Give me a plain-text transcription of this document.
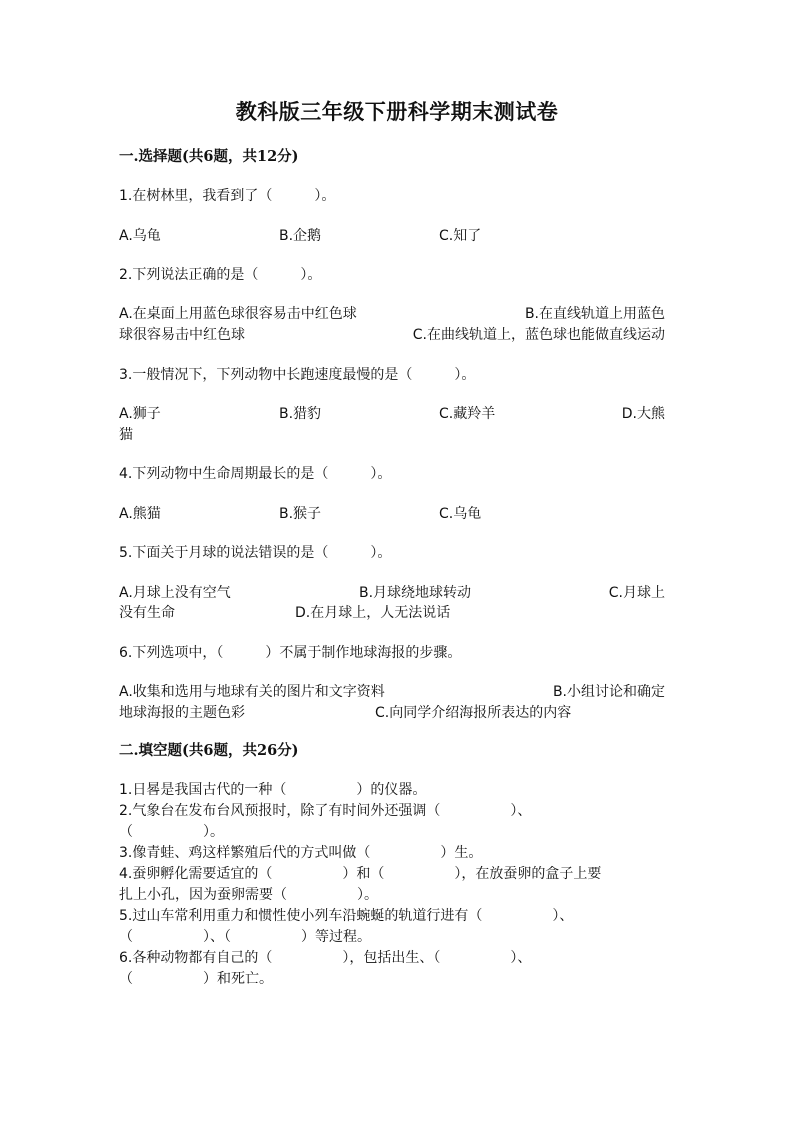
教科版三年级下册科学期末测试卷
一.选择题(共6题，共12分)
1.在树林里，我看到了（　　　）。
A.乌龟	B.企鹅	C.知了
2.下列说法正确的是（　　　）。
A.在桌面上用蓝色球很容易击中红色球	B.在直线轨道上用蓝色
球很容易击中红色球	C.在曲线轨道上，蓝色球也能做直线运动
3.一般情况下，下列动物中长跑速度最慢的是（　　　）。
A.狮子	B.猎豹	C.藏羚羊	D.大熊
猫
4.下列动物中生命周期最长的是（　　　）。
A.熊猫	B.猴子	C.乌龟
5.下面关于月球的说法错误的是（　　　）。
A.月球上没有空气	B.月球绕地球转动	C.月球上
没有生命	D.在月球上，人无法说话
6.下列选项中，（　　　）不属于制作地球海报的步骤。
A.收集和选用与地球有关的图片和文字资料	B.小组讨论和确定
地球海报的主题色彩	C.向同学介绍海报所表达的内容
二.填空题(共6题，共26分)
1.日晷是我国古代的一种（　　　　　）的仪器。
2.气象台在发布台风预报时，除了有时间外还强调（　　　　　）、
（　　　　　）。
3.像青蛙、鸡这样繁殖后代的方式叫做（　　　　　）生。
4.蚕卵孵化需要适宜的（　　　　　）和（　　　　　），在放蚕卵的盒子上要
扎上小孔，因为蚕卵需要（　　　　　）。
5.过山车常利用重力和惯性使小列车沿蜿蜒的轨道行进有（　　　　　）、
（　　　　　）、（　　　　　）等过程。
6.各种动物都有自己的（　　　　　），包括出生、（　　　　　）、
（　　　　　）和死亡。
